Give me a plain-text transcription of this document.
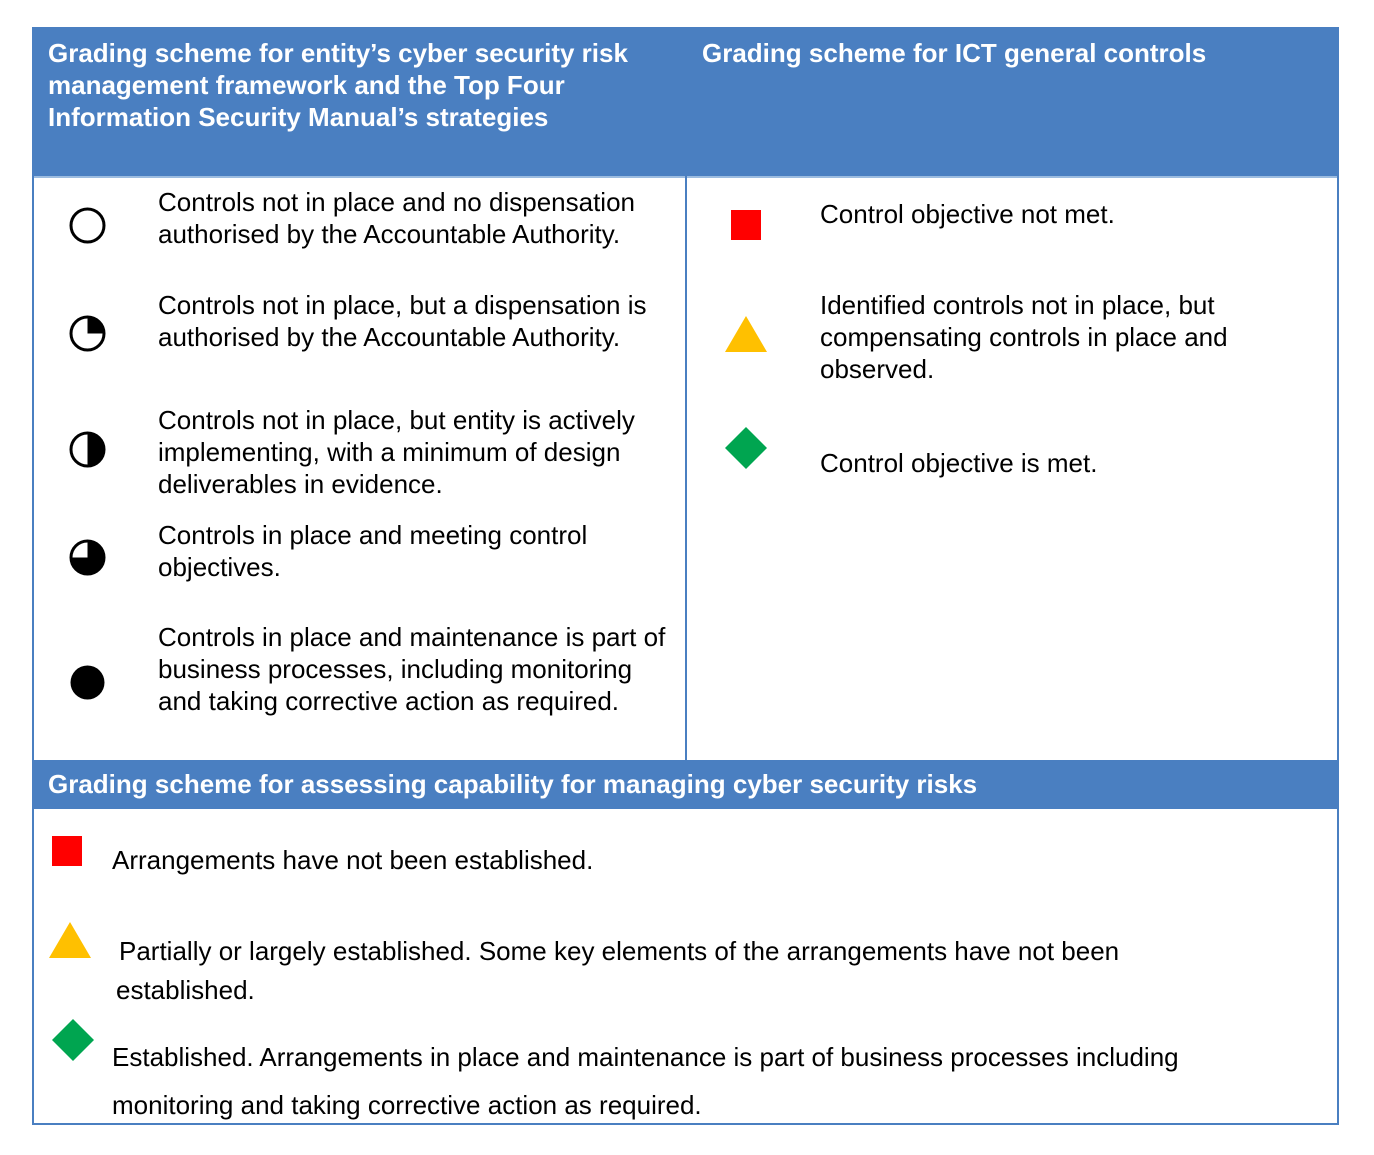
Grading scheme for entity’s cyber security risk management framework and the Top Four Information Security Manual’s strategies
Grading scheme for ICT general controls
Controls not in place and no dispensation authorised by the Accountable Authority.
Controls not in place, but a dispensation is authorised by the Accountable Authority.
Controls not in place, but entity is actively implementing, with a minimum of design deliverables in evidence.
Controls in place and meeting control objectives.
Controls in place and maintenance is part of business processes, including monitoring and taking corrective action as required.
Control objective not met.
Identified controls not in place, but compensating controls in place and observed.
Control objective is met.
Grading scheme for assessing capability for managing cyber security risks
Arrangements have not been established.
Partially or largely established. Some key elements of the arrangements have not been established.
Established. Arrangements in place and maintenance is part of business processes including monitoring and taking corrective action as required.
